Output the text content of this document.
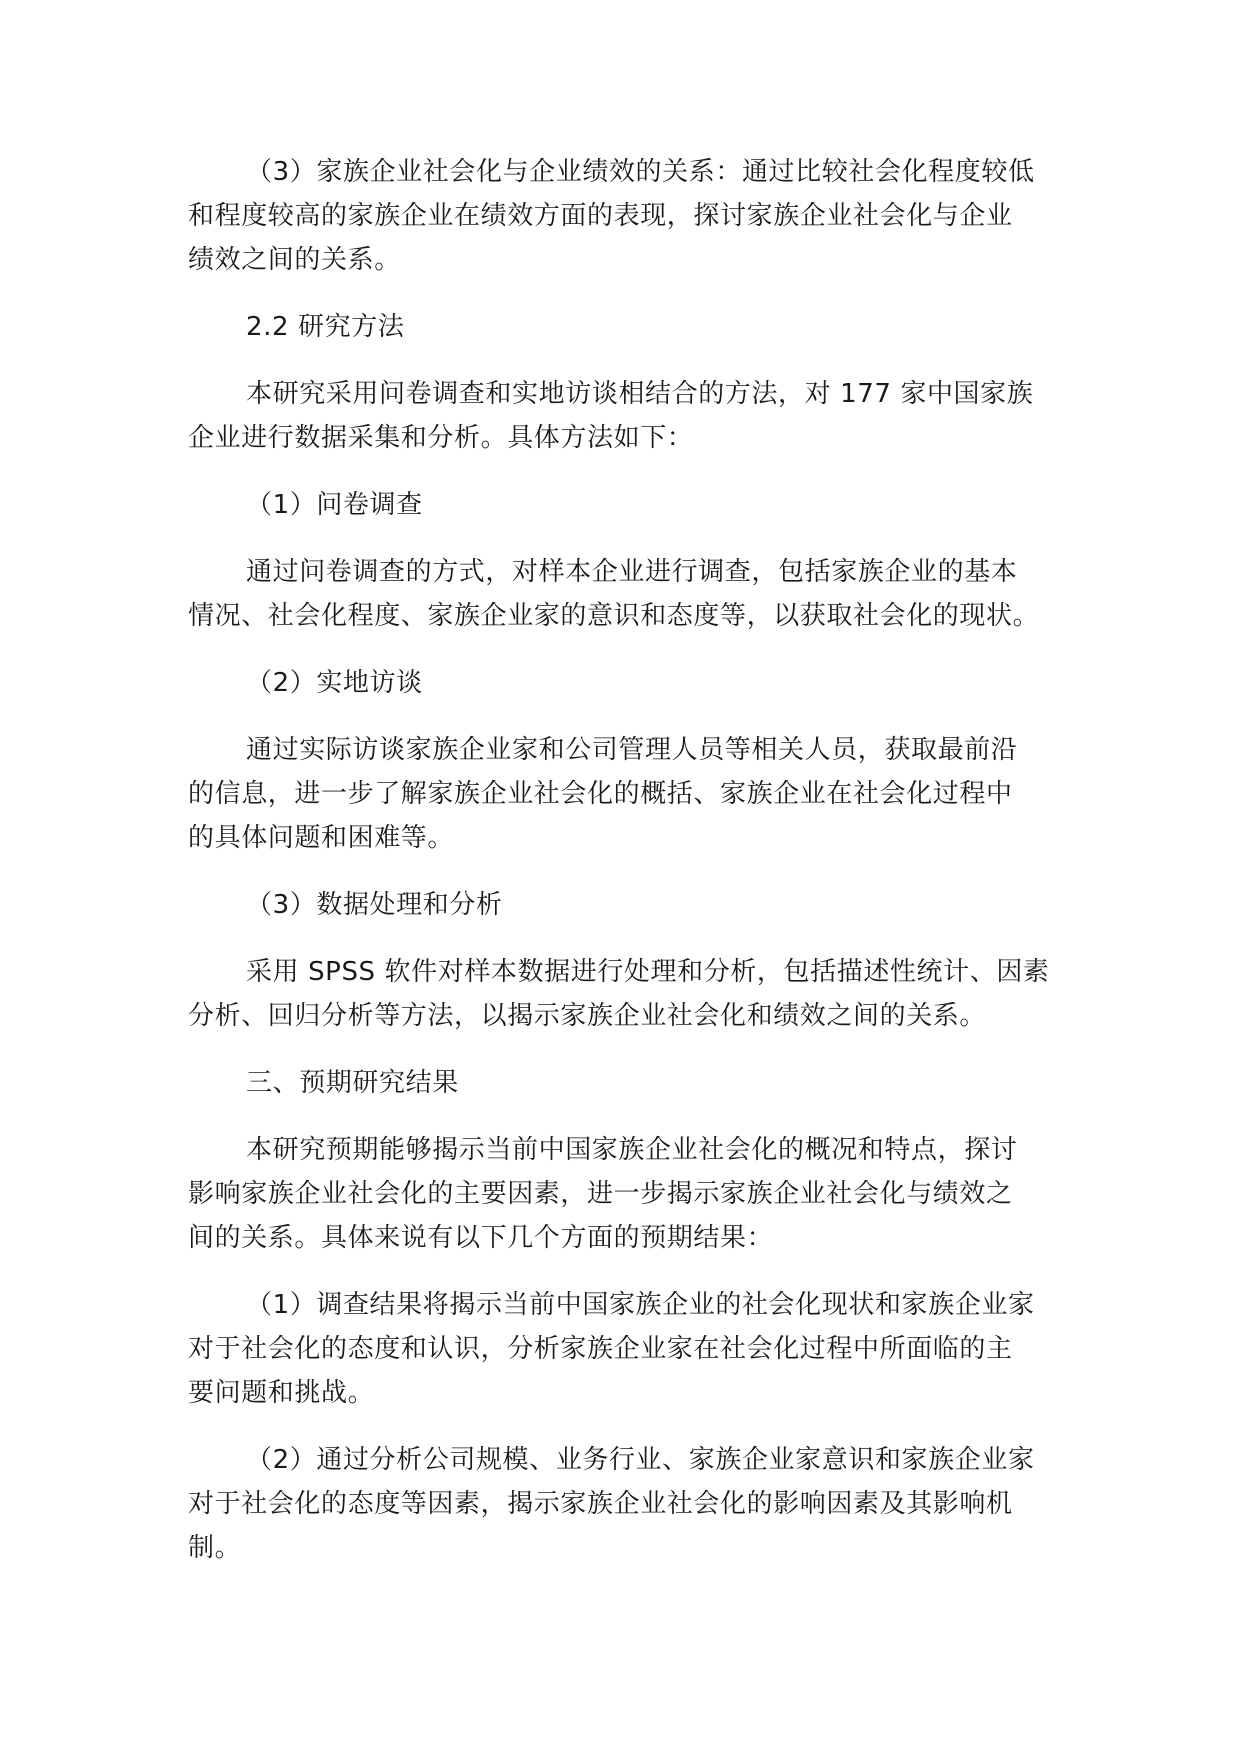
（3）家族企业社会化与企业绩效的关系：通过比较社会化程度较低
和程度较高的家族企业在绩效方面的表现，探讨家族企业社会化与企业
绩效之间的关系。

2.2 研究方法

本研究采用问卷调查和实地访谈相结合的方法，对 177 家中国家族
企业进行数据采集和分析。具体方法如下：

（1）问卷调查

通过问卷调查的方式，对样本企业进行调查，包括家族企业的基本
情况、社会化程度、家族企业家的意识和态度等，以获取社会化的现状。

（2）实地访谈

通过实际访谈家族企业家和公司管理人员等相关人员，获取最前沿
的信息，进一步了解家族企业社会化的概括、家族企业在社会化过程中
的具体问题和困难等。

（3）数据处理和分析

采用 SPSS 软件对样本数据进行处理和分析，包括描述性统计、因素
分析、回归分析等方法，以揭示家族企业社会化和绩效之间的关系。

三、预期研究结果

本研究预期能够揭示当前中国家族企业社会化的概况和特点，探讨
影响家族企业社会化的主要因素，进一步揭示家族企业社会化与绩效之
间的关系。具体来说有以下几个方面的预期结果：

（1）调查结果将揭示当前中国家族企业的社会化现状和家族企业家
对于社会化的态度和认识，分析家族企业家在社会化过程中所面临的主
要问题和挑战。

（2）通过分析公司规模、业务行业、家族企业家意识和家族企业家
对于社会化的态度等因素，揭示家族企业社会化的影响因素及其影响机
制。
